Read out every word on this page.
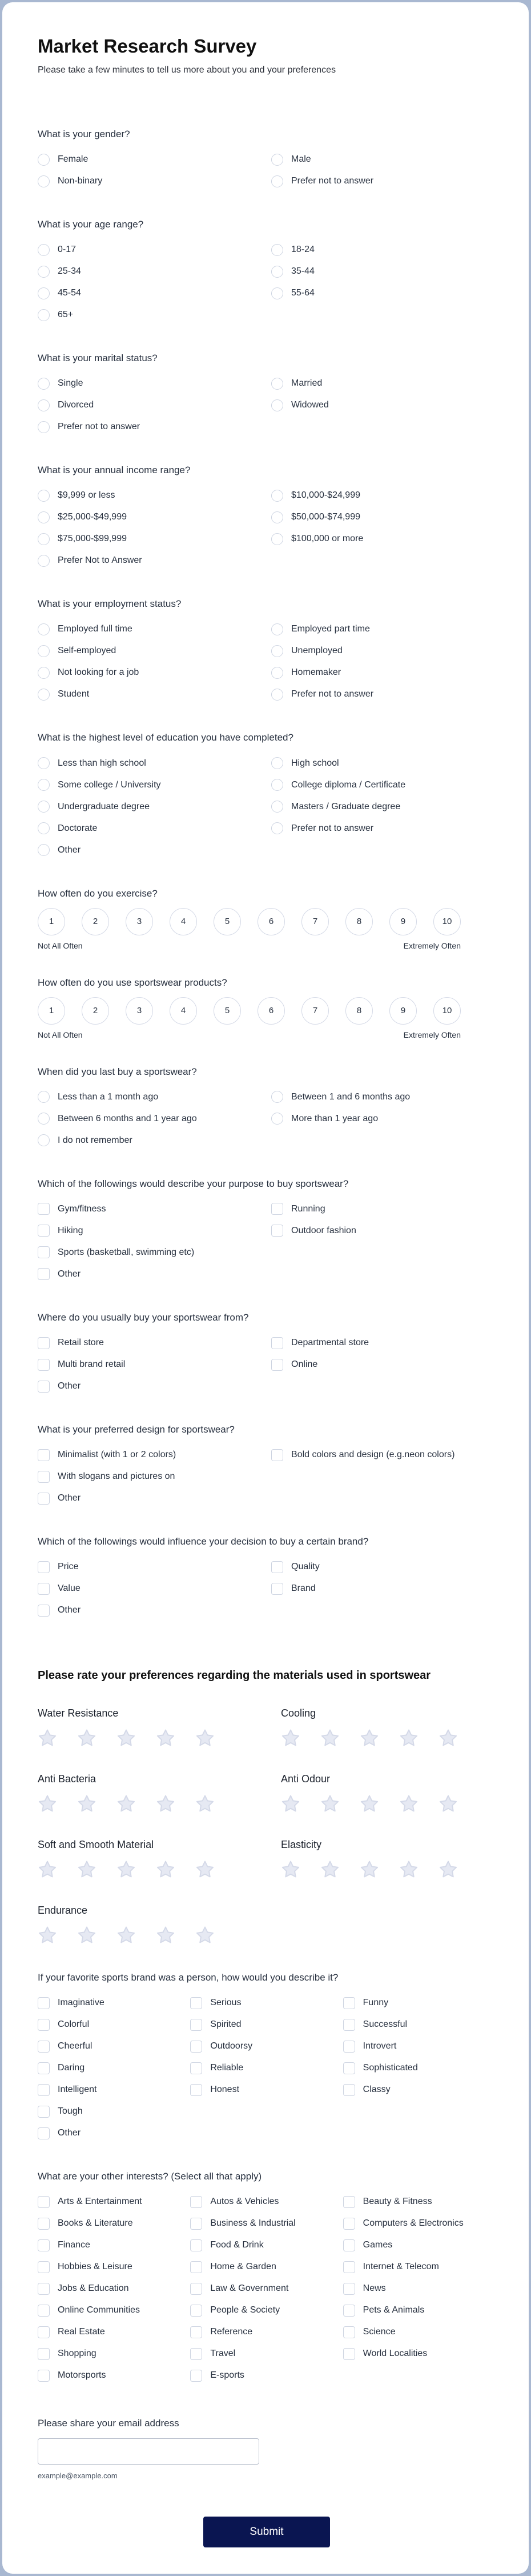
Market Research Survey

Please take a few minutes to tell us more about you and your preferences

What is your gender?
Female
Non-binary
Male
Prefer not to answer
What is your age range?
0-17
25-34
45-54
65+
18-24
35-44
55-64
What is your marital status?
Single
Divorced
Prefer not to answer
Married
Widowed
What is your annual income range?
$9,999 or less
$25,000-$49,999
$75,000-$99,999
Prefer Not to Answer
$10,000-$24,999
$50,000-$74,999
$100,000 or more
What is your employment status?
Employed full time
Self-employed
Not looking for a job
Student
Employed part time
Unemployed
Homemaker
Prefer not to answer
What is the highest level of education you have completed?
Less than high school
Some college / University
Undergraduate degree
Doctorate
Other
High school
College diploma / Certificate
Masters / Graduate degree
Prefer not to answer
How often do you exercise?
1	2	3	4	5	6	7	8	9	10
Not All Often	Extremely Often
How often do you use sportswear products?
1	2	3	4	5	6	7	8	9	10
Not All Often	Extremely Often
When did you last buy a sportswear?
Less than a 1 month ago
Between 6 months and 1 year ago
I do not remember
Between 1 and 6 months ago
More than 1 year ago
Which of the followings would describe your purpose to buy sportswear?
Gym/fitness
Hiking
Sports (basketball, swimming etc)
Other
Running
Outdoor fashion
Where do you usually buy your sportswear from?
Retail store
Multi brand retail
Other
Departmental store
Online
What is your preferred design for sportswear?
Minimalist (with 1 or 2 colors)
With slogans and pictures on
Other
Bold colors and design (e.g.neon colors)
Which of the followings would influence your decision to buy a certain brand?
Price
Value
Other
Quality
Brand
Please rate your preferences regarding the materials used in sportswear
Water Resistance	Cooling
Anti Bacteria	Anti Odour
Soft and Smooth Material	Elasticity
Endurance
If your favorite sports brand was a person, how would you describe it?
Imaginative
Colorful
Cheerful
Daring
Intelligent
Tough
Other
Serious
Spirited
Outdoorsy
Reliable
Honest
Funny
Successful
Introvert
Sophisticated
Classy
What are your other interests? (Select all that apply)
Arts & Entertainment
Books & Literature
Finance
Hobbies & Leisure
Jobs & Education
Online Communities
Real Estate
Shopping
Motorsports
Autos & Vehicles
Business & Industrial
Food & Drink
Home & Garden
Law & Government
People & Society
Reference
Travel
E-sports
Beauty & Fitness
Computers & Electronics
Games
Internet & Telecom
News
Pets & Animals
Science
World Localities
Please share your email address
example@example.com
Submit
